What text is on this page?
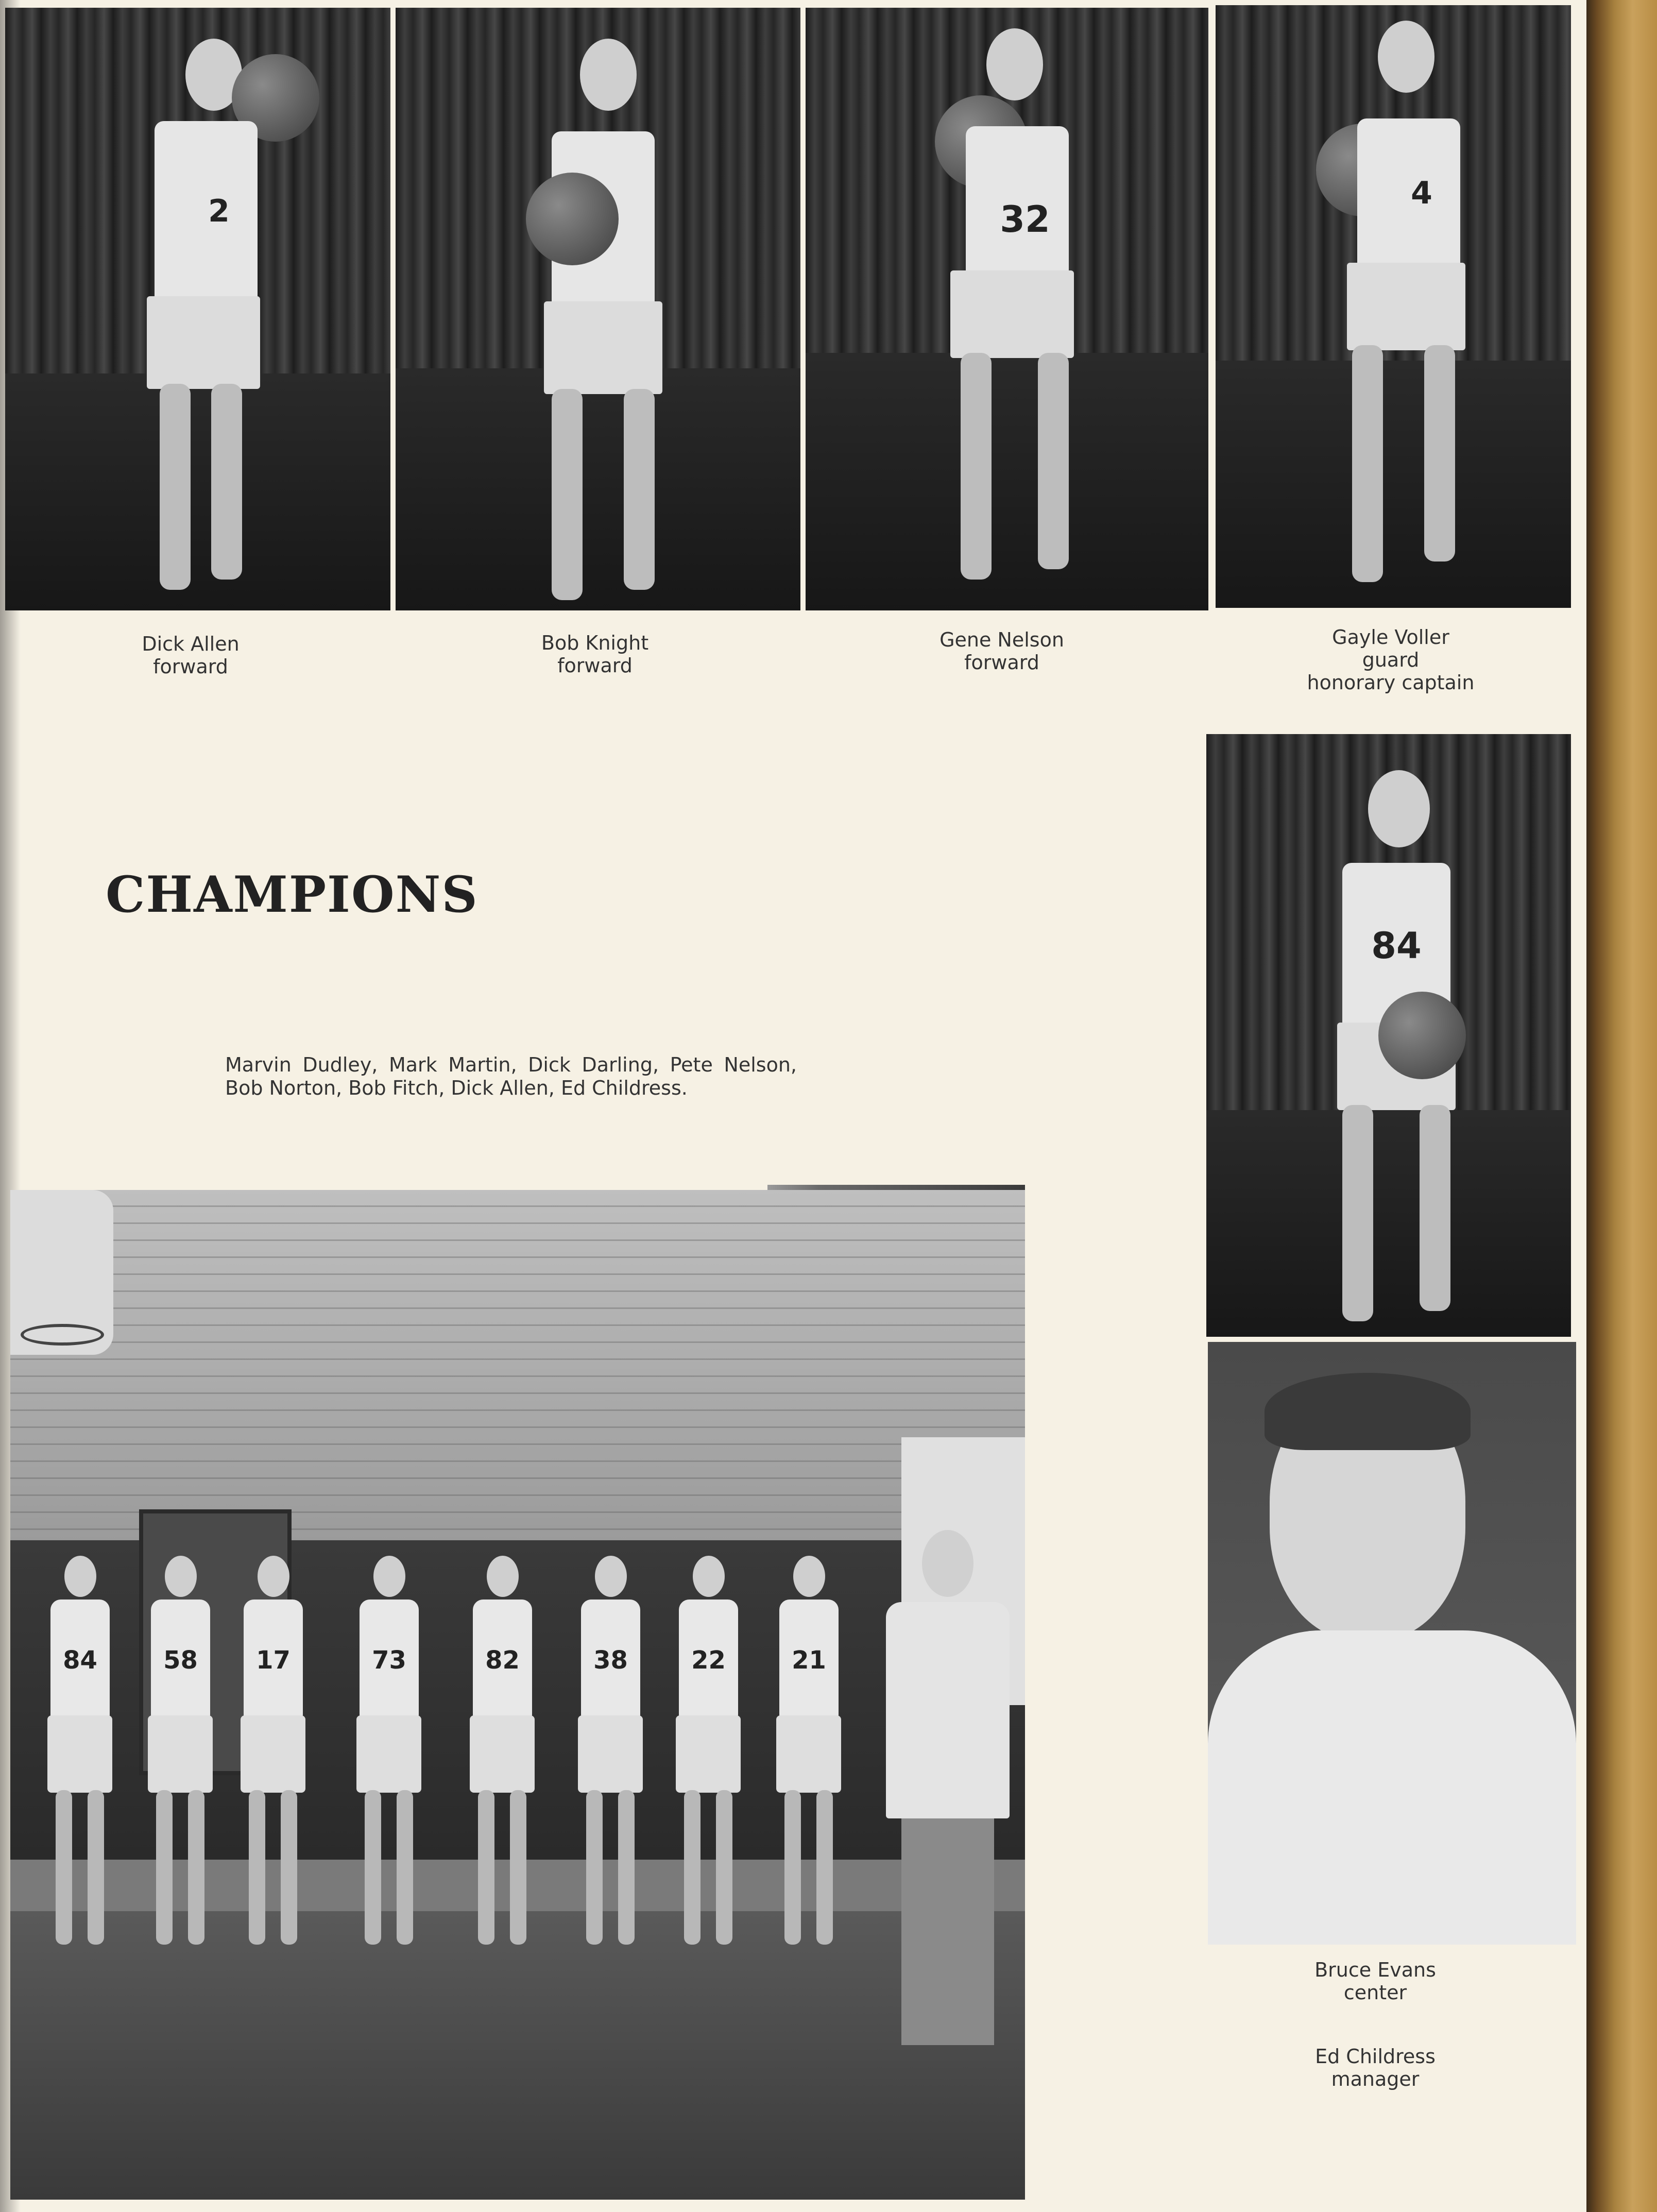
2	32
4
Dick Allen
forward
Bob Knight
forward
Gene Nelson
forward
Gayle Voller
guard
honorary captain
CHAMPIONS

Marvin Dudley, Mark Martin, Dick Darling, Pete Nelson, Bob Norton, Bob Fitch, Dick Allen, Ed Childress.

84
Bruce Evans
center
Ed Childress
manager
84	58	17	73	82	38	22	21
